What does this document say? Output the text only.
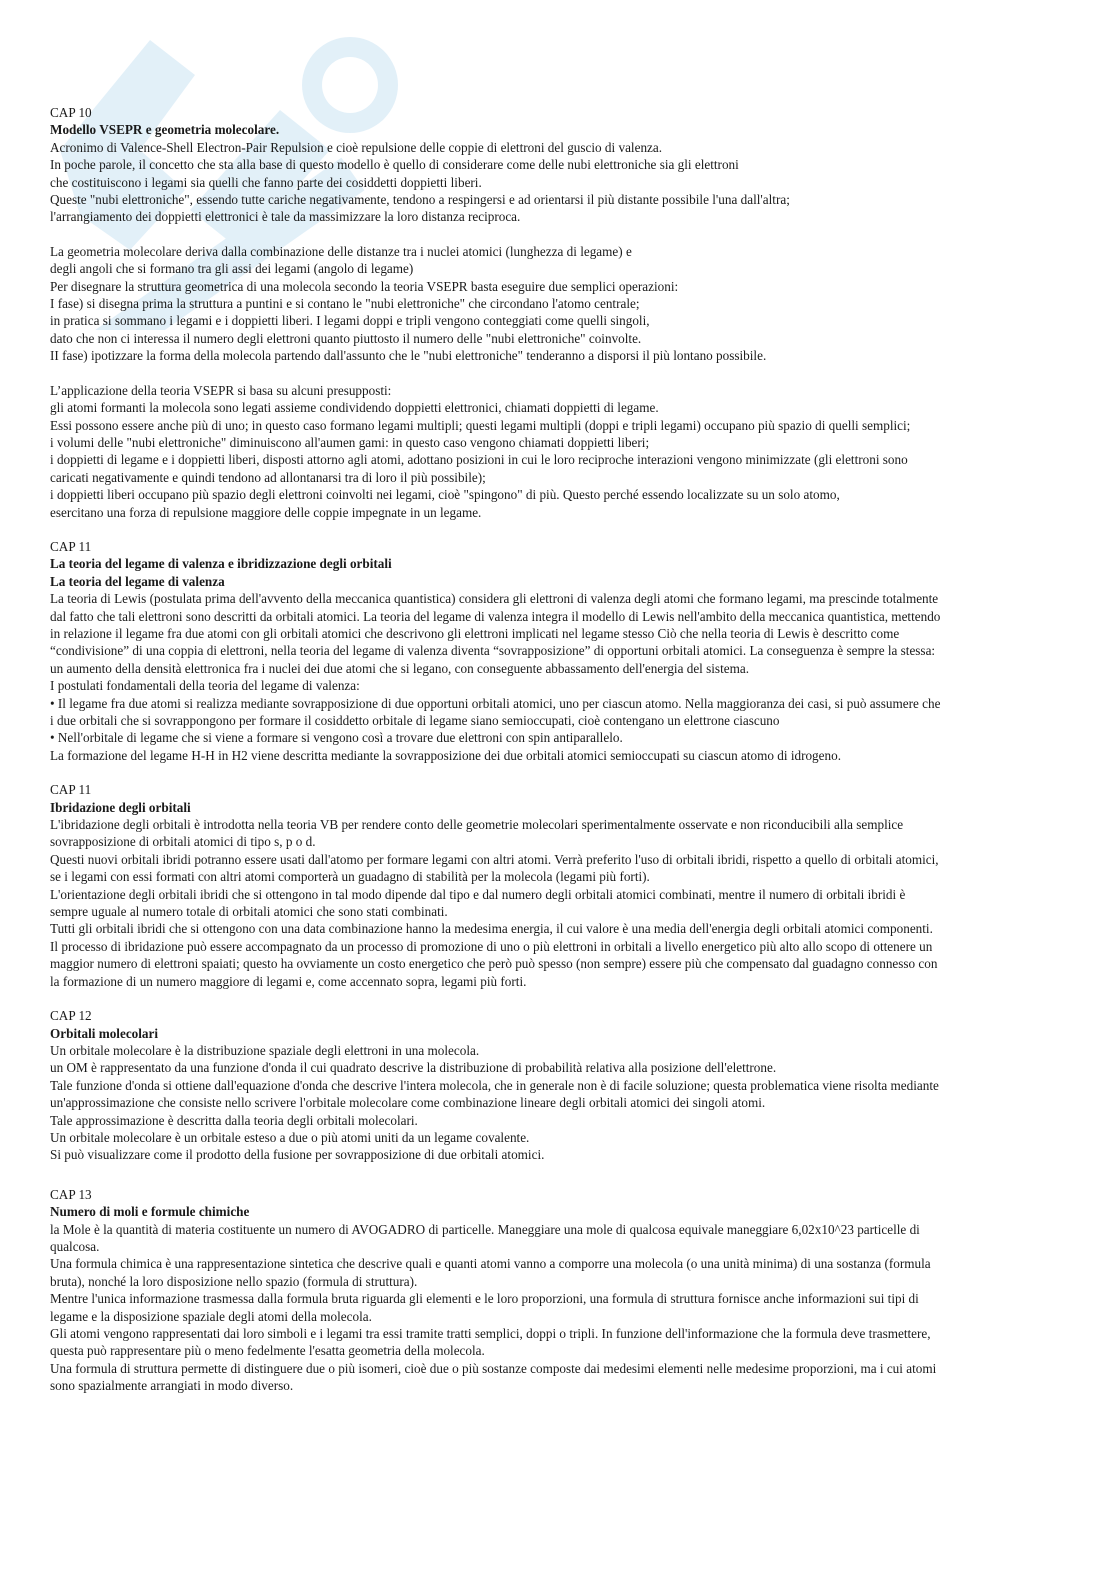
CAP 10
Modello VSEPR e geometria molecolare.
Acronimo di Valence-Shell Electron-Pair Repulsion e cioè repulsione delle coppie di elettroni del guscio di valenza.
In poche parole, il concetto che sta alla base di questo modello è quello di considerare come delle nubi elettroniche sia gli elettroni
che costituiscono i legami sia quelli che fanno parte dei cosiddetti doppietti liberi.
Queste "nubi elettroniche", essendo tutte cariche negativamente, tendono a respingersi e ad orientarsi il più distante possibile l'una dall'altra;
l'arrangiamento dei doppietti elettronici è tale da massimizzare la loro distanza reciproca.
La geometria molecolare deriva dalla combinazione delle distanze tra i nuclei atomici (lunghezza di legame) e
degli angoli che si formano tra gli assi dei legami (angolo di legame)
Per disegnare la struttura geometrica di una molecola secondo la teoria VSEPR basta eseguire due semplici operazioni:
I fase) si disegna prima la struttura a puntini e si contano le "nubi elettroniche" che circondano l'atomo centrale;
in pratica si sommano i legami e i doppietti liberi. I legami doppi e tripli vengono conteggiati come quelli singoli,
dato che non ci interessa il numero degli elettroni quanto piuttosto il numero delle "nubi elettroniche" coinvolte.
II fase) ipotizzare la forma della molecola partendo dall'assunto che le "nubi elettroniche" tenderanno a disporsi il più lontano possibile.
L’applicazione della teoria VSEPR si basa su alcuni presupposti:
gli atomi formanti la molecola sono legati assieme condividendo doppietti elettronici, chiamati doppietti di legame.
Essi possono essere anche più di uno; in questo caso formano legami multipli; questi legami multipli (doppi e tripli legami) occupano più spazio di quelli semplici;
i volumi delle "nubi elettroniche" diminuiscono all'aumen gami: in questo caso vengono chiamati doppietti liberi;
i doppietti di legame e i doppietti liberi, disposti attorno agli atomi, adottano posizioni in cui le loro reciproche interazioni vengono minimizzate (gli elettroni sono
caricati negativamente e quindi tendono ad allontanarsi tra di loro il più possibile);
i doppietti liberi occupano più spazio degli elettroni coinvolti nei legami, cioè "spingono" di più. Questo perché essendo localizzate su un solo atomo,
esercitano una forza di repulsione maggiore delle coppie impegnate in un legame.
CAP 11
La teoria del legame di valenza e ibridizzazione degli orbitali
La teoria del legame di valenza
La teoria di Lewis (postulata prima dell'avvento della meccanica quantistica) considera gli elettroni di valenza degli atomi che formano legami, ma prescinde totalmente
dal fatto che tali elettroni sono descritti da orbitali atomici. La teoria del legame di valenza integra il modello di Lewis nell'ambito della meccanica quantistica, mettendo
in relazione il legame fra due atomi con gli orbitali atomici che descrivono gli elettroni implicati nel legame stesso Ciò che nella teoria di Lewis è descritto come
“condivisione” di una coppia di elettroni, nella teoria del legame di valenza diventa “sovrapposizione” di opportuni orbitali atomici. La conseguenza è sempre la stessa:
un aumento della densità elettronica fra i nuclei dei due atomi che si legano, con conseguente abbassamento dell'energia del sistema.
I postulati fondamentali della teoria del legame di valenza:
• Il legame fra due atomi si realizza mediante sovrapposizione di due opportuni orbitali atomici, uno per ciascun atomo. Nella maggioranza dei casi, si può assumere che
i due orbitali che si sovrappongono per formare il cosiddetto orbitale di legame siano semioccupati, cioè contengano un elettrone ciascuno
• Nell'orbitale di legame che si viene a formare si vengono così a trovare due elettroni con spin antiparallelo.
La formazione del legame H-H in H2 viene descritta mediante la sovrapposizione dei due orbitali atomici semioccupati su ciascun atomo di idrogeno.
CAP 11
Ibridazione degli orbitali
L'ibridazione degli orbitali è introdotta nella teoria VB per rendere conto delle geometrie molecolari sperimentalmente osservate e non riconducibili alla semplice
sovrapposizione di orbitali atomici di tipo s, p o d.
Questi nuovi orbitali ibridi potranno essere usati dall'atomo per formare legami con altri atomi. Verrà preferito l'uso di orbitali ibridi, rispetto a quello di orbitali atomici,
se i legami con essi formati con altri atomi comporterà un guadagno di stabilità per la molecola (legami più forti).
L'orientazione degli orbitali ibridi che si ottengono in tal modo dipende dal tipo e dal numero degli orbitali atomici combinati, mentre il numero di orbitali ibridi è
sempre uguale al numero totale di orbitali atomici che sono stati combinati.
Tutti gli orbitali ibridi che si ottengono con una data combinazione hanno la medesima energia, il cui valore è una media dell'energia degli orbitali atomici componenti.
Il processo di ibridazione può essere accompagnato da un processo di promozione di uno o più elettroni in orbitali a livello energetico più alto allo scopo di ottenere un
maggior numero di elettroni spaiati; questo ha ovviamente un costo energetico che però può spesso (non sempre) essere più che compensato dal guadagno connesso con
la formazione di un numero maggiore di legami e, come accennato sopra, legami più forti.
CAP 12
Orbitali molecolari
Un orbitale molecolare è la distribuzione spaziale degli elettroni in una molecola.
un OM è rappresentato da una funzione d'onda il cui quadrato descrive la distribuzione di probabilità relativa alla posizione dell'elettrone.
Tale funzione d'onda si ottiene dall'equazione d'onda che descrive l'intera molecola, che in generale non è di facile soluzione; questa problematica viene risolta mediante
un'approssimazione che consiste nello scrivere l'orbitale molecolare come combinazione lineare degli orbitali atomici dei singoli atomi.
Tale approssimazione è descritta dalla teoria degli orbitali molecolari.
Un orbitale molecolare è un orbitale esteso a due o più atomi uniti da un legame covalente.
Si può visualizzare come il prodotto della fusione per sovrapposizione di due orbitali atomici.
CAP 13
Numero di moli e formule chimiche
la Mole è la quantità di materia costituente un numero di AVOGADRO di particelle. Maneggiare una mole di qualcosa equivale maneggiare 6,02x10^23 particelle di
qualcosa.
Una formula chimica è una rappresentazione sintetica che descrive quali e quanti atomi vanno a comporre una molecola (o una unità minima) di una sostanza (formula
bruta), nonché la loro disposizione nello spazio (formula di struttura).
Mentre l'unica informazione trasmessa dalla formula bruta riguarda gli elementi e le loro proporzioni, una formula di struttura fornisce anche informazioni sui tipi di
legame e la disposizione spaziale degli atomi della molecola.
Gli atomi vengono rappresentati dai loro simboli e i legami tra essi tramite tratti semplici, doppi o tripli. In funzione dell'informazione che la formula deve trasmettere,
questa può rappresentare più o meno fedelmente l'esatta geometria della molecola.
Una formula di struttura permette di distinguere due o più isomeri, cioè due o più sostanze composte dai medesimi elementi nelle medesime proporzioni, ma i cui atomi
sono spazialmente arrangiati in modo diverso.
